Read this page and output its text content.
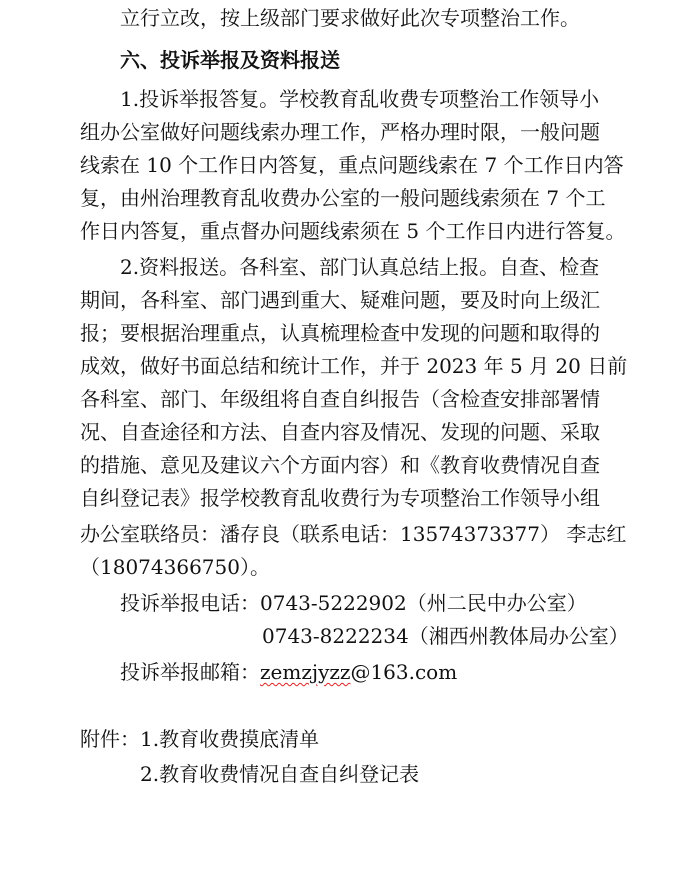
立行立改，按上级部门要求做好此次专项整治工作。
六、投诉举报及资料报送
1.投诉举报答复。学校教育乱收费专项整治工作领导小
组办公室做好问题线索办理工作，严格办理时限，一般问题
线索在 10 个工作日内答复，重点问题线索在 7 个工作日内答
复，由州治理教育乱收费办公室的一般问题线索须在 7 个工
作日内答复，重点督办问题线索须在 5 个工作日内进行答复。
2.资料报送。各科室、部门认真总结上报。自查、检查
期间，各科室、部门遇到重大、疑难问题，要及时向上级汇
报；要根据治理重点，认真梳理检查中发现的问题和取得的
成效，做好书面总结和统计工作，并于 2023 年 5 月 20 日前
各科室、部门、年级组将自查自纠报告（含检查安排部署情
况、自查途径和方法、自查内容及情况、发现的问题、采取
的措施、意见及建议六个方面内容）和《教育收费情况自查
自纠登记表》报学校教育乱收费行为专项整治工作领导小组
办公室联络员：潘存良（联系电话：13574373377） 李志红
（18074366750）。
投诉举报电话：0743-5222902（州二民中办公室）
0743-8222234（湘西州教体局办公室）
投诉举报邮箱：zemzjyzz@163.com
附件：1.教育收费摸底清单
2.教育收费情况自查自纠登记表
